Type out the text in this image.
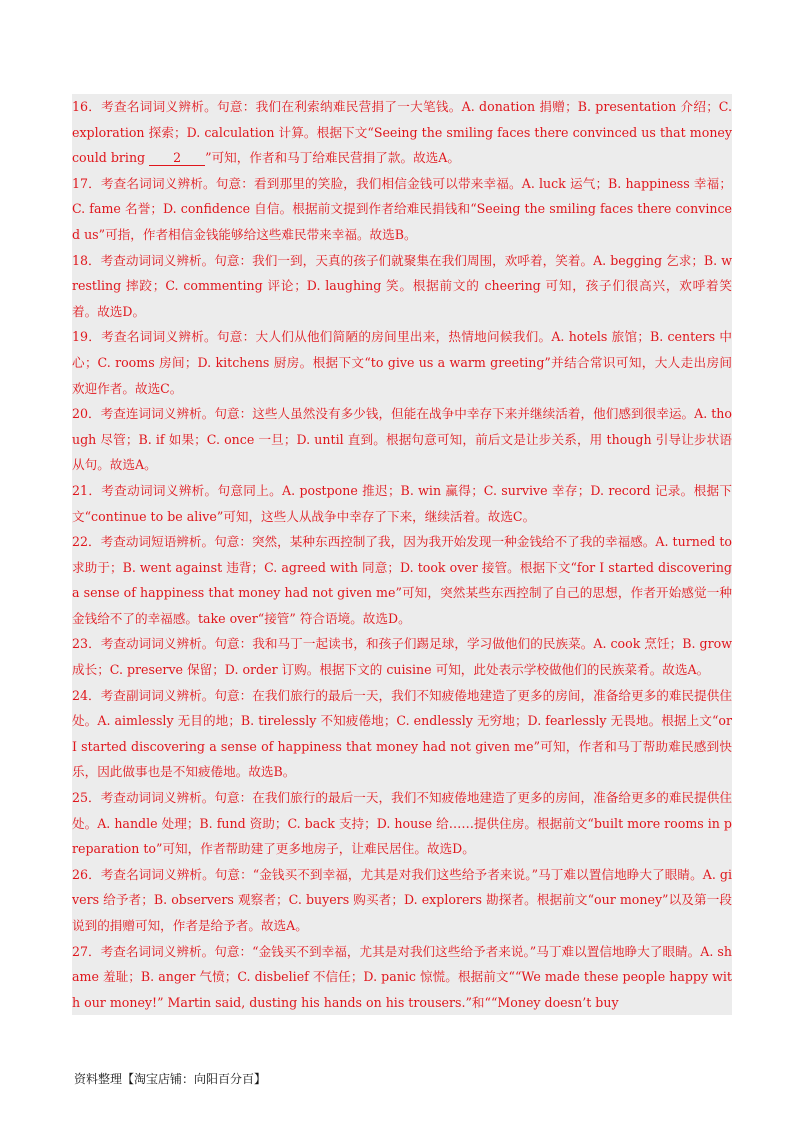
16．考查名词词义辨析。句意：我们在利索纳难民营捐了一大笔钱。A. donation 捐赠；B. presentation 介绍；C. exploration 探索；D. calculation 计算。根据下文“Seeing the smiling faces there convinced us that money could bring 2 ”可知，作者和马丁给难民营捐了款。故选A。
17．考查名词词义辨析。句意：看到那里的笑脸，我们相信金钱可以带来幸福。A. luck 运气；B. happiness 幸福；C. fame 名誉；D. confidence 自信。根据前文提到作者给难民捐钱和“Seeing the smiling faces there convinced us”可指，作者相信金钱能够给这些难民带来幸福。故选B。
18．考查动词词义辨析。句意：我们一到，天真的孩子们就聚集在我们周围，欢呼着，笑着。A. begging 乞求；B. wrestling 摔跤；C. commenting 评论；D. laughing 笑。根据前文的 cheering 可知，孩子们很高兴，欢呼着笑着。故选D。
19．考查名词词义辨析。句意：大人们从他们简陋的房间里出来，热情地问候我们。A. hotels 旅馆；B. centers 中心；C. rooms 房间；D. kitchens 厨房。根据下文“to give us a warm greeting”并结合常识可知，大人走出房间欢迎作者。故选C。
20．考查连词词义辨析。句意：这些人虽然没有多少钱，但能在战争中幸存下来并继续活着，他们感到很幸运。A. though 尽管；B. if 如果；C. once 一旦；D. until 直到。根据句意可知，前后文是让步关系，用 though 引导让步状语从句。故选A。
21．考查动词词义辨析。句意同上。A. postpone 推迟；B. win 赢得；C. survive 幸存；D. record 记录。根据下文“continue to be alive”可知，这些人从战争中幸存了下来，继续活着。故选C。
22．考查动词短语辨析。句意：突然，某种东西控制了我，因为我开始发现一种金钱给不了我的幸福感。A. turned to 求助于；B. went against 违背；C. agreed with 同意；D. took over 接管。根据下文“for I started discovering a sense of happiness that money had not given me”可知，突然某些东西控制了自己的思想，作者开始感觉一种金钱给不了的幸福感。take over“接管” 符合语境。故选D。
23．考查动词词义辨析。句意：我和马丁一起读书，和孩子们踢足球，学习做他们的民族菜。A. cook 烹饪；B. grow 成长；C. preserve 保留；D. order 订购。根据下文的 cuisine 可知，此处表示学校做他们的民族菜肴。故选A。
24．考查副词词义辨析。句意：在我们旅行的最后一天，我们不知疲倦地建造了更多的房间，准备给更多的难民提供住处。A. aimlessly 无目的地；B. tirelessly 不知疲倦地；C. endlessly 无穷地；D. fearlessly 无畏地。根据上文“or I started discovering a sense of happiness that money had not given me”可知，作者和马丁帮助难民感到快乐，因此做事也是不知疲倦地。故选B。
25．考查动词词义辨析。句意：在我们旅行的最后一天，我们不知疲倦地建造了更多的房间，准备给更多的难民提供住处。A. handle 处理；B. fund 资助；C. back 支持；D. house 给……提供住房。根据前文“built more rooms in preparation to”可知，作者帮助建了更多地房子，让难民居住。故选D。
26．考查名词词义辨析。句意：“金钱买不到幸福，尤其是对我们这些给予者来说。”马丁难以置信地睁大了眼睛。A. givers 给予者；B. observers 观察者；C. buyers 购买者；D. explorers 勘探者。根据前文“our money”以及第一段说到的捐赠可知，作者是给予者。故选A。
27．考查名词词义辨析。句意：“金钱买不到幸福，尤其是对我们这些给予者来说。”马丁难以置信地睁大了眼睛。A. shame 羞耻；B. anger 气愤；C. disbelief 不信任；D. panic 惊慌。根据前文““We made these people happy with our money!” Martin said, dusting his hands on his trousers.”和““Money doesn’t buy
资料整理【淘宝店铺：向阳百分百】
